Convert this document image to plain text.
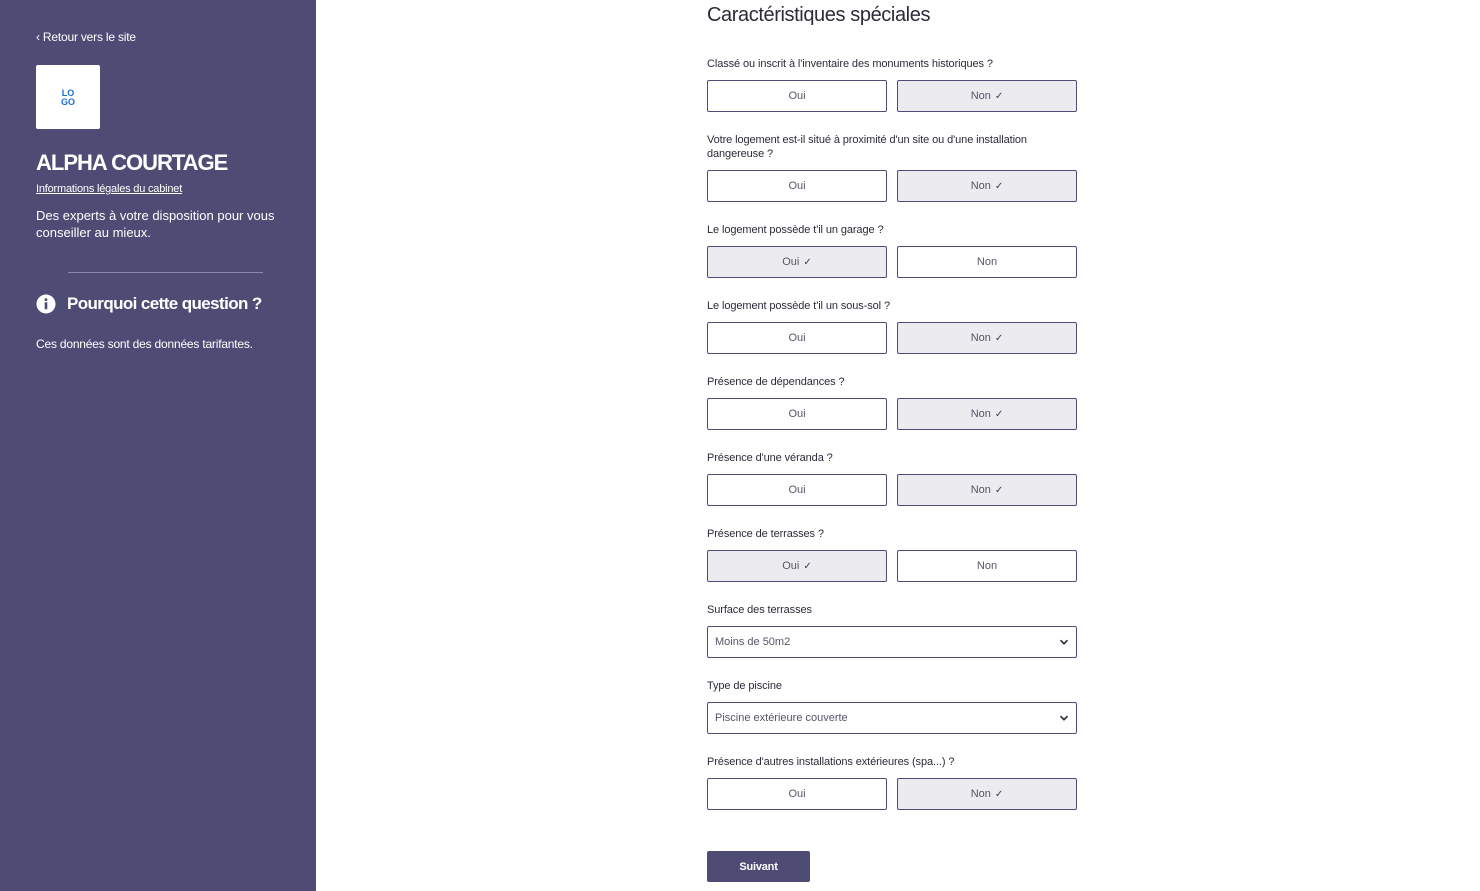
‹ Retour vers le site
LO
GO
ALPHA COURTAGE
Informations légales du cabinet
Des experts à votre disposition pour vous conseiller au mieux.
Pourquoi cette question ?
Ces données sont des données tarifantes.
Caractéristiques spéciales
Classé ou inscrit à l'inventaire des monuments historiques ?
Oui	Non ✓
Votre logement est-il situé à proximité d'un site ou d'une installation dangereuse ?
Oui	Non ✓
Le logement possède t'il un garage ?
Oui ✓	Non
Le logement possède t'il un sous-sol ?
Oui	Non ✓
Présence de dépendances ?
Oui	Non ✓
Présence d'une véranda ?
Oui	Non ✓
Présence de terrasses ?
Oui ✓	Non
Surface des terrasses
Moins de 50m2
Type de piscine
Piscine extérieure couverte
Présence d'autres installations extérieures (spa...) ?
Oui	Non ✓
Suivant
